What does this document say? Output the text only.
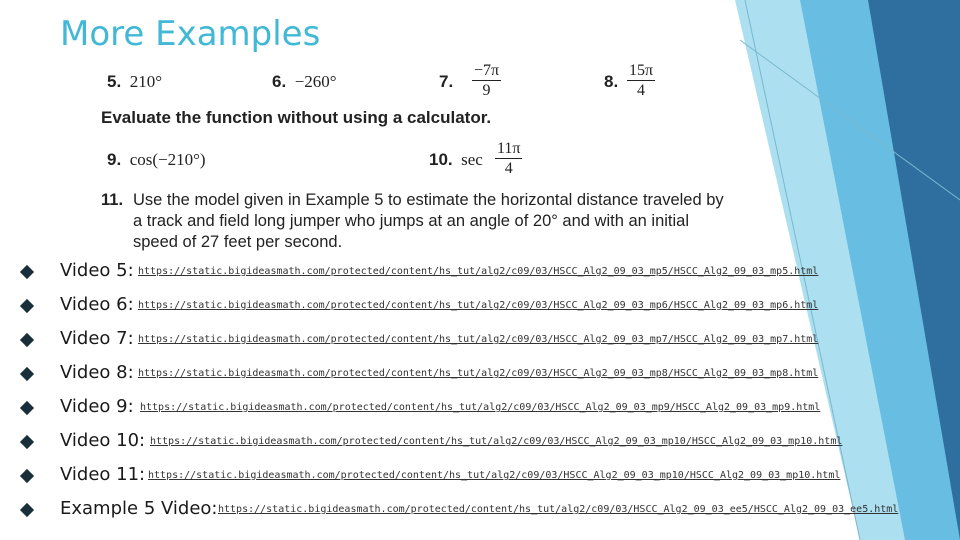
More Examples
5. 210°	6. −260°	7. $\frac{-7\pi}{9}$	8. $\frac{15\pi}{4}$
Evaluate the function without using a calculator.
9. cos(−210°)	10. $\sec \frac{11\pi}{4}$
11. Use the model given in Example 5 to estimate the horizontal distance traveled by a track and field long jumper who jumps at an angle of 20° and with an initial speed of 27 feet per second.
Video 5: https://static.bigideasmath.com/protected/content/hs_tut/alg2/c09/03/HSCC_Alg2_09_03_mp5/HSCC_Alg2_09_03_mp5.html
Video 6: https://static.bigideasmath.com/protected/content/hs_tut/alg2/c09/03/HSCC_Alg2_09_03_mp6/HSCC_Alg2_09_03_mp6.html
Video 7: https://static.bigideasmath.com/protected/content/hs_tut/alg2/c09/03/HSCC_Alg2_09_03_mp7/HSCC_Alg2_09_03_mp7.html
Video 8: https://static.bigideasmath.com/protected/content/hs_tut/alg2/c09/03/HSCC_Alg2_09_03_mp8/HSCC_Alg2_09_03_mp8.html
Video 9: https://static.bigideasmath.com/protected/content/hs_tut/alg2/c09/03/HSCC_Alg2_09_03_mp9/HSCC_Alg2_09_03_mp9.html
Video 10: https://static.bigideasmath.com/protected/content/hs_tut/alg2/c09/03/HSCC_Alg2_09_03_mp10/HSCC_Alg2_09_03_mp10.html
Video 11: https://static.bigideasmath.com/protected/content/hs_tut/alg2/c09/03/HSCC_Alg2_09_03_mp10/HSCC_Alg2_09_03_mp10.html
Example 5 Video: https://static.bigideasmath.com/protected/content/hs_tut/alg2/c09/03/HSCC_Alg2_09_03_ee5/HSCC_Alg2_09_03_ee5.html
